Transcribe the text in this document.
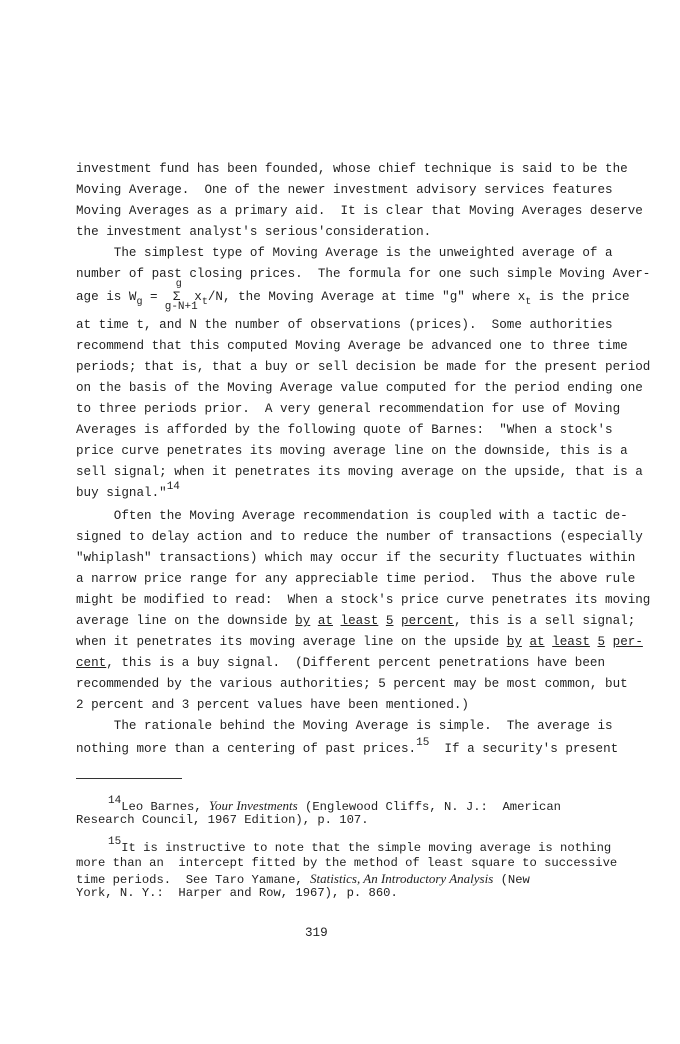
investment fund has been founded, whose chief technique is said to be the
Moving Average.  One of the newer investment advisory services features
Moving Averages as a primary aid.  It is clear that Moving Averages deserve
the investment analyst's serious'consideration.
The simplest type of Moving Average is the unweighted average of a
number of past closing prices.  The formula for one such simple Moving Aver-
age is $W_g$ =
g
Σ
g-N+1
$x_t/N$, the Moving Average at time "g" where $x_t$ is the price
at time t, and N the number of observations (prices).  Some authorities
recommend that this computed Moving Average be advanced one to three time
periods; that is, that a buy or sell decision be made for the present period
on the basis of the Moving Average value computed for the period ending one
to three periods prior.  A very general recommendation for use of Moving
Averages is afforded by the following quote of Barnes:  "When a stock's
price curve penetrates its moving average line on the downside, this is a
sell signal; when it penetrates its moving average on the upside, that is a
buy signal."14
Often the Moving Average recommendation is coupled with a tactic de-
signed to delay action and to reduce the number of transactions (especially
"whiplash" transactions) which may occur if the security fluctuates within
a narrow price range for any appreciable time period.  Thus the above rule
might be modified to read:  When a stock's price curve penetrates its moving
average line on the downside by at least 5 percent, this is a sell signal;
when it penetrates its moving average line on the upside by at least 5 per-
cent, this is a buy signal.  (Different percent penetrations have been
recommended by the various authorities; 5 percent may be most common, but
2 percent and 3 percent values have been mentioned.)
The rationale behind the Moving Average is simple.  The average is
nothing more than a centering of past prices.15  If a security's present
14Leo Barnes, Your Investments (Englewood Cliffs, N. J.:  American
Research Council, 1967 Edition), p. 107.
15It is instructive to note that the simple moving average is nothing
more than an  intercept fitted by the method of least square to successive
time periods.  See Taro Yamane, Statistics, An Introductory Analysis (New
York, N. Y.:  Harper and Row, 1967), p. 860.
319
